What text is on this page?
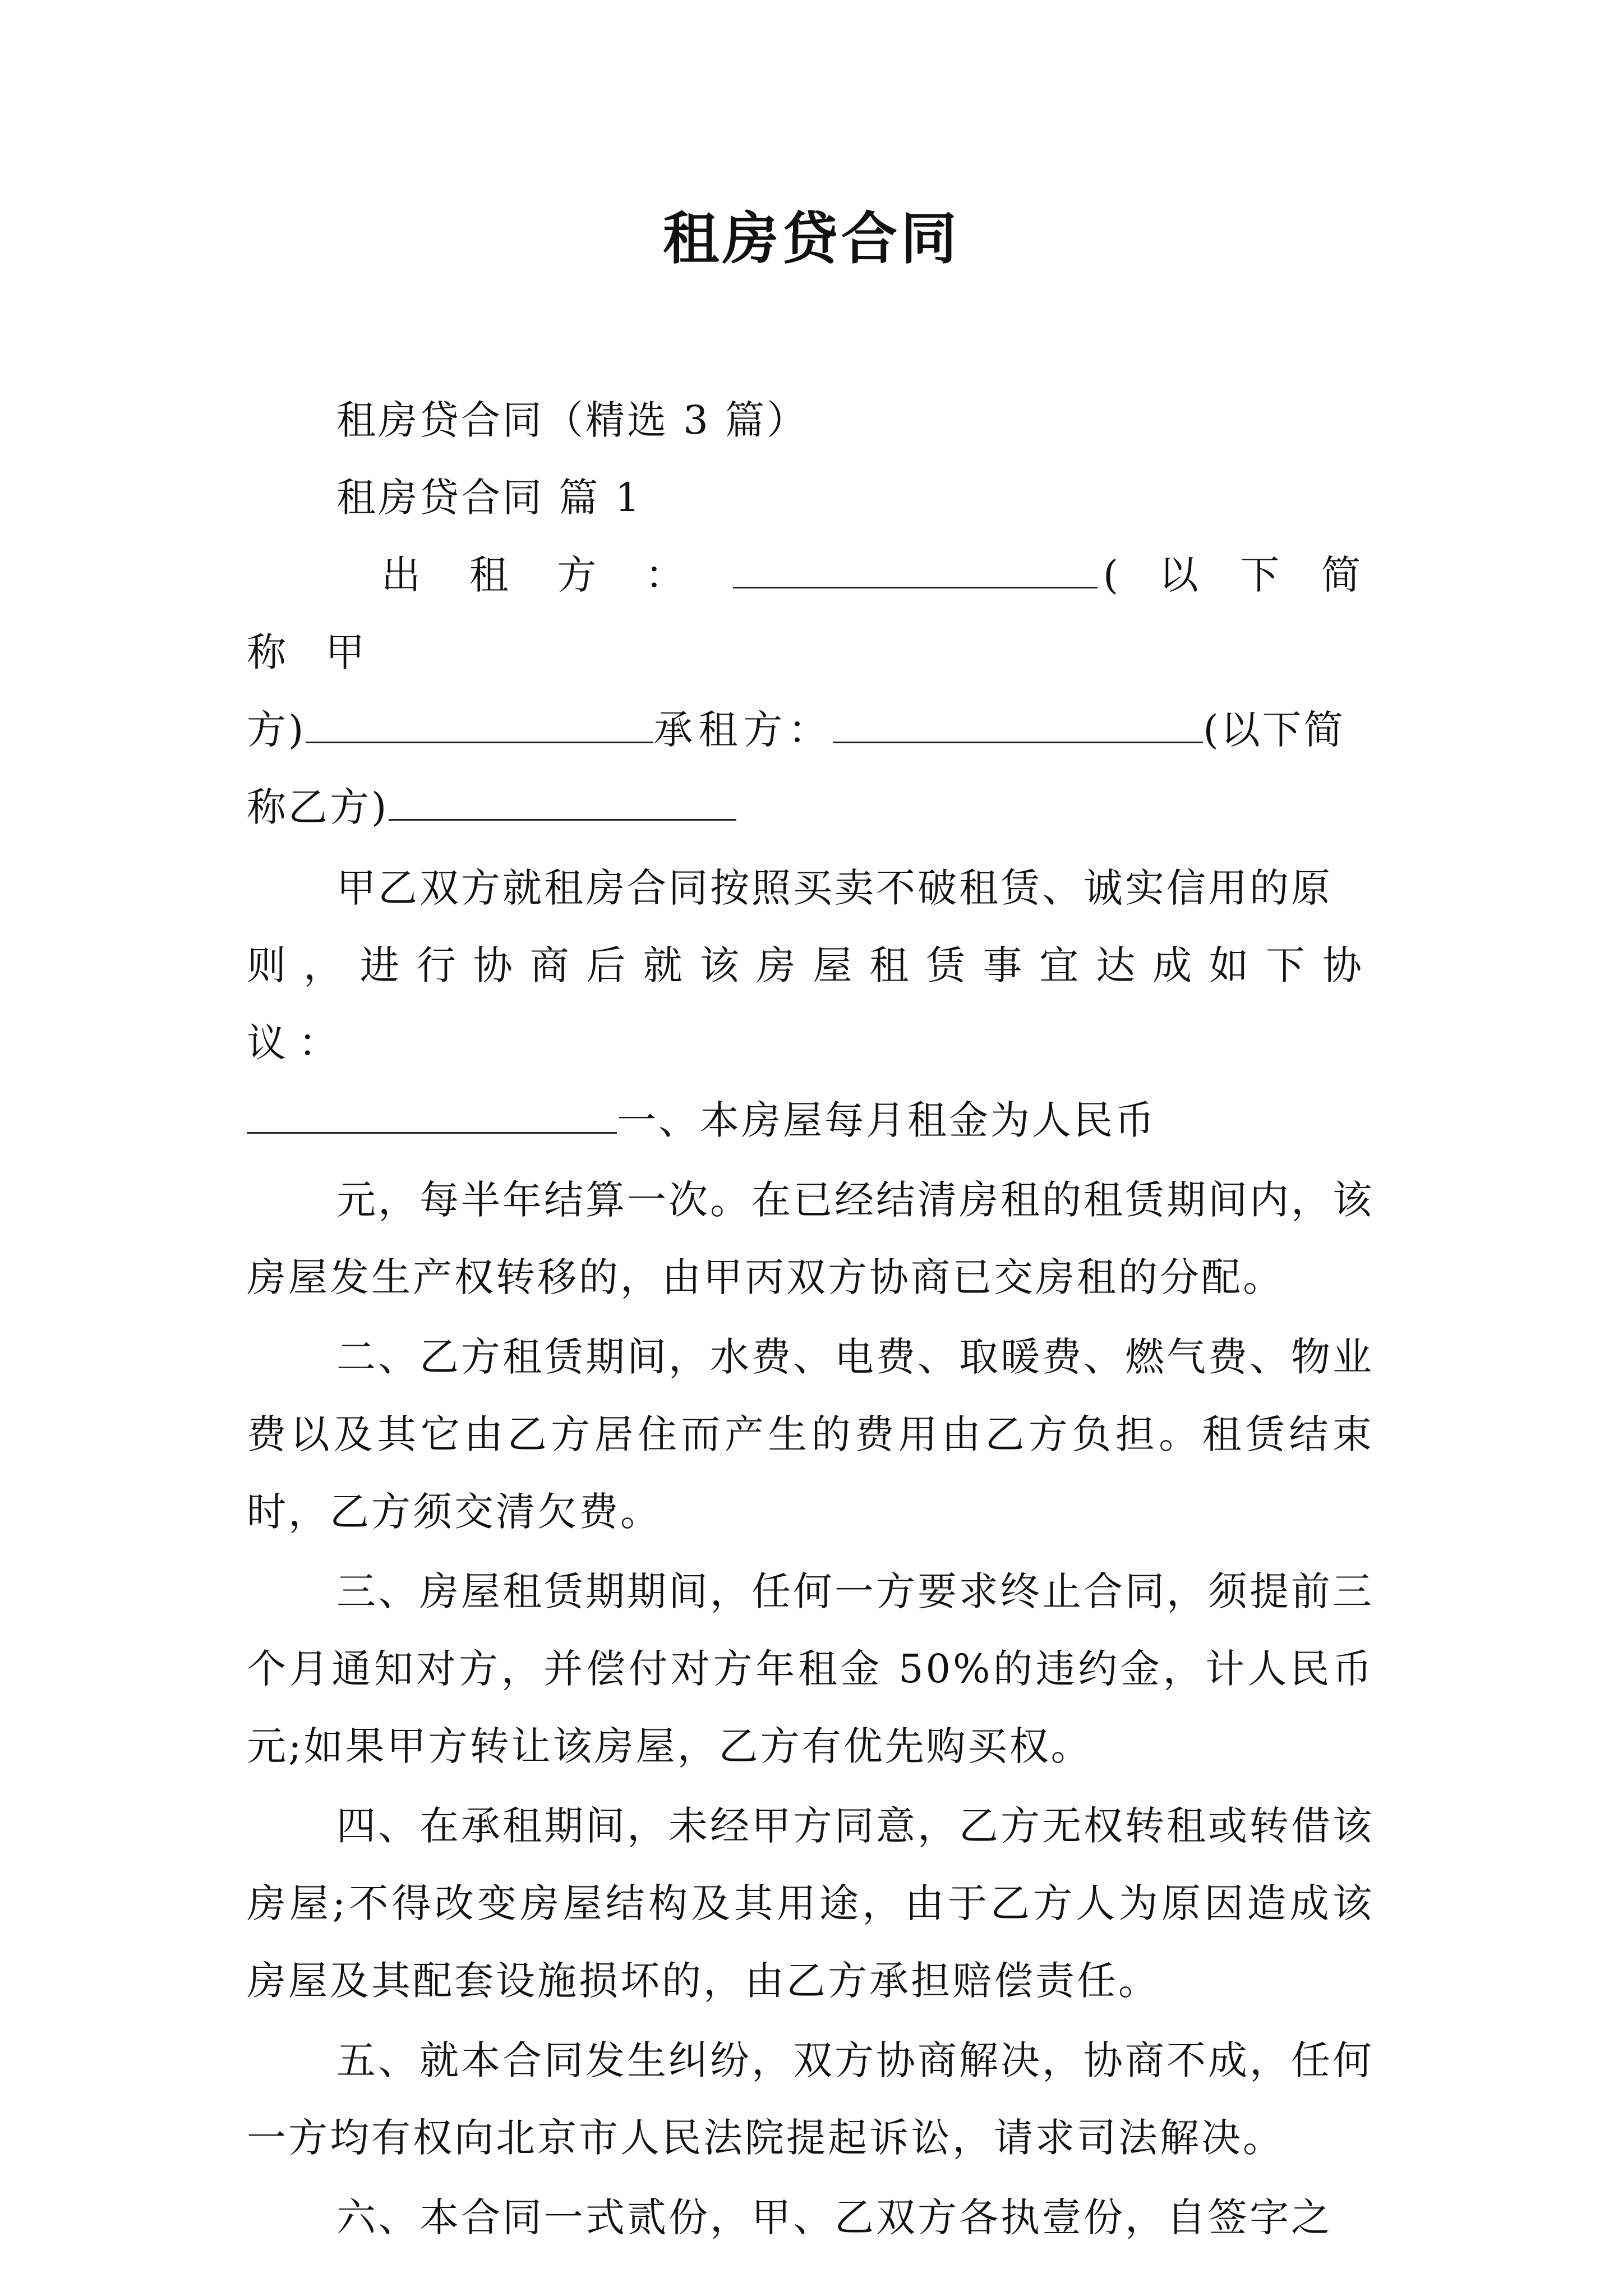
租房贷合同

租房贷合同（精选 3 篇）

租房贷合同 篇 1

出 租 方 ：	( 以 下 简 称 甲

方)	承租方：	(以下简

称乙方)

甲乙双方就租房合同按照买卖不破租赁、诚实信用的原

则，进行协商后就该房屋租赁事宜达成如下协议：

一、本房屋每月租金为人民币

元，每半年结算一次。在已经结清房租的租赁期间内，该房屋发生产权转移的，由甲丙双方协商已交房租的分配。

二、乙方租赁期间，水费、电费、取暖费、燃气费、物业费以及其它由乙方居住而产生的费用由乙方负担。租赁结束时，乙方须交清欠费。

三、房屋租赁期期间，任何一方要求终止合同，须提前三个月通知对方，并偿付对方年租金 50%的违约金，计人民币元;如果甲方转让该房屋，乙方有优先购买权。

四、在承租期间，未经甲方同意，乙方无权转租或转借该房屋;不得改变房屋结构及其用途，由于乙方人为原因造成该房屋及其配套设施损坏的，由乙方承担赔偿责任。

五、就本合同发生纠纷，双方协商解决，协商不成，任何一方均有权向北京市人民法院提起诉讼，请求司法解决。

六、本合同一式贰份，甲、乙双方各执壹份，自签字之
